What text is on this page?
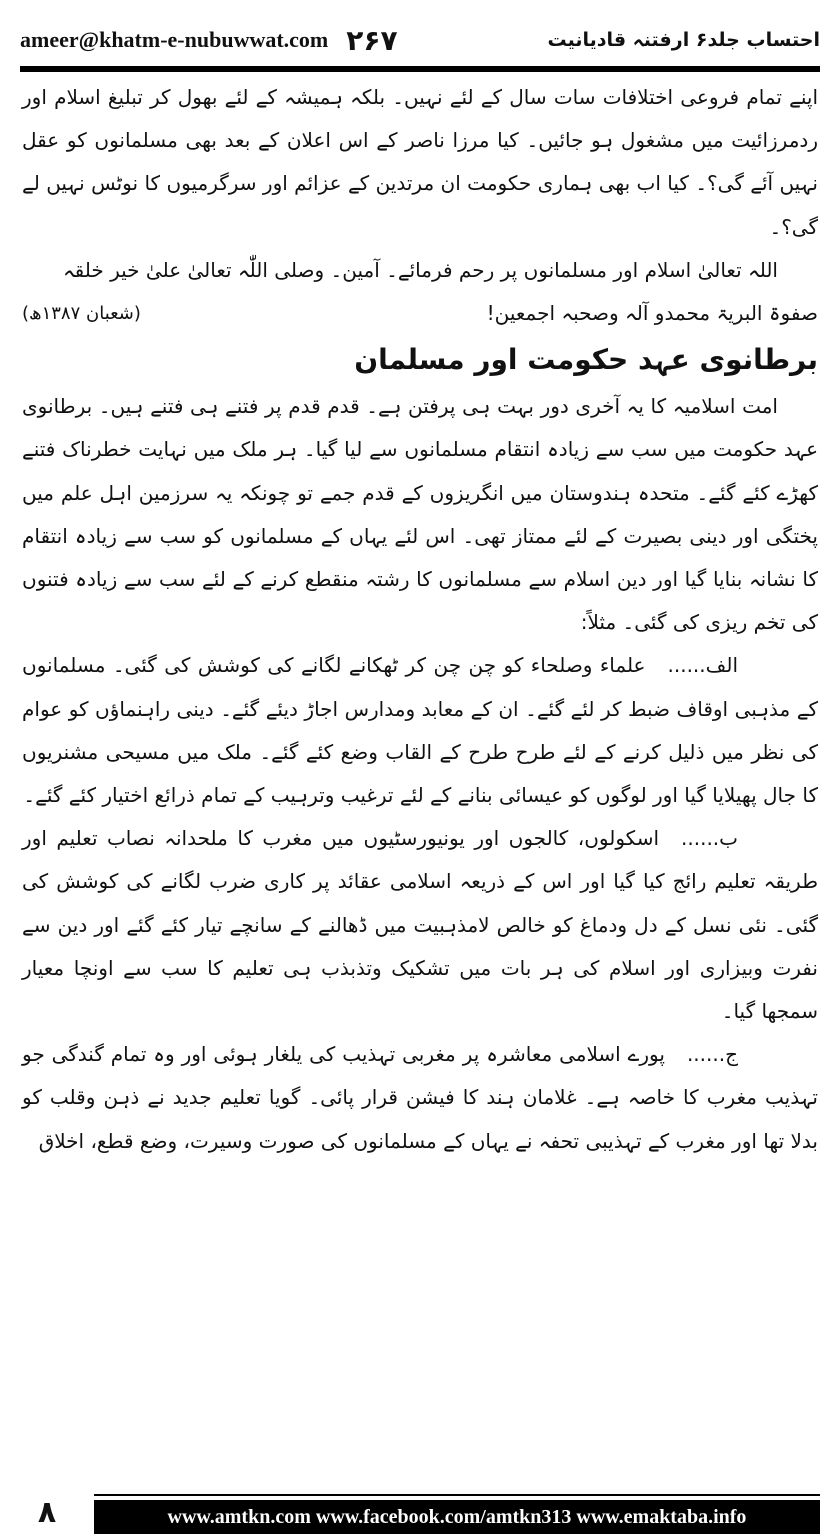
ameer@khatm-e-nubuwwat.com ۲۶۷	احتساب جلد۶ ارفتنہ قادیانیت

اپنے تمام فروعی اختلافات سات سال کے لئے نہیں۔ بلکہ ہمیشہ کے لئے بھول کر تبلیغ اسلام اور ردمرزائیت میں مشغول ہو جائیں۔ کیا مرزا ناصر کے اس اعلان کے بعد بھی مسلمانوں کو عقل نہیں آئے گی؟۔ کیا اب بھی ہماری حکومت ان مرتدین کے عزائم اور سرگرمیوں کا نوٹس نہیں لے گی؟۔

اللہ تعالیٰ اسلام اور مسلمانوں پر رحم فرمائے۔ آمین۔ وصلی اللّٰہ تعالیٰ علیٰ خیر خلقہ

صفوۃ البریۃ محمدو آلہ وصحبہ اجمعین!
(شعبان ۱۳۸۷ھ)
برطانوی عہد حکومت اور مسلمان

امت اسلامیہ کا یہ آخری دور بہت ہی پرفتن ہے۔ قدم قدم پر فتنے ہی فتنے ہیں۔ برطانوی عہد حکومت میں سب سے زیادہ انتقام مسلمانوں سے لیا گیا۔ ہر ملک میں نہایت خطرناک فتنے کھڑے کئے گئے۔ متحدہ ہندوستان میں انگریزوں کے قدم جمے تو چونکہ یہ سرزمین اہل علم میں پختگی اور دینی بصیرت کے لئے ممتاز تھی۔ اس لئے یہاں کے مسلمانوں کو سب سے زیادہ انتقام کا نشانہ بنایا گیا اور دین اسلام سے مسلمانوں کا رشتہ منقطع کرنے کے لئے سب سے زیادہ فتنوں کی تخم ریزی کی گئی۔ مثلاً:

الف......علماء وصلحاء کو چن چن کر ٹھکانے لگانے کی کوشش کی گئی۔ مسلمانوں کے مذہبی اوقاف ضبط کر لئے گئے۔ ان کے معابد ومدارس اجاڑ دیئے گئے۔ دینی راہنماؤں کو عوام کی نظر میں ذلیل کرنے کے لئے طرح طرح کے القاب وضع کئے گئے۔ ملک میں مسیحی مشنریوں کا جال پھیلایا گیا اور لوگوں کو عیسائی بنانے کے لئے ترغیب وترہیب کے تمام ذرائع اختیار کئے گئے۔

ب......اسکولوں، کالجوں اور یونیورسٹیوں میں مغرب کا ملحدانہ نصاب تعلیم اور طریقہ تعلیم رائج کیا گیا اور اس کے ذریعہ اسلامی عقائد پر کاری ضرب لگانے کی کوشش کی گئی۔ نئی نسل کے دل ودماغ کو خالص لامذہبیت میں ڈھالنے کے سانچے تیار کئے گئے اور دین سے نفرت وبیزاری اور اسلام کی ہر بات میں تشکیک وتذبذب ہی تعلیم کا سب سے اونچا معیار سمجھا گیا۔

ج......پورے اسلامی معاشرہ پر مغربی تہذیب کی یلغار ہوئی اور وہ تمام گندگی جو تہذیب مغرب کا خاصہ ہے۔ غلامان ہند کا فیشن قرار پائی۔ گویا تعلیم جدید نے ذہن وقلب کو بدلا تھا اور مغرب کے تہذیبی تحفہ نے یہاں کے مسلمانوں کی صورت وسیرت، وضع قطع، اخلاق

۸	www.amtkn.com www.facebook.com/amtkn313 www.emaktaba.info
